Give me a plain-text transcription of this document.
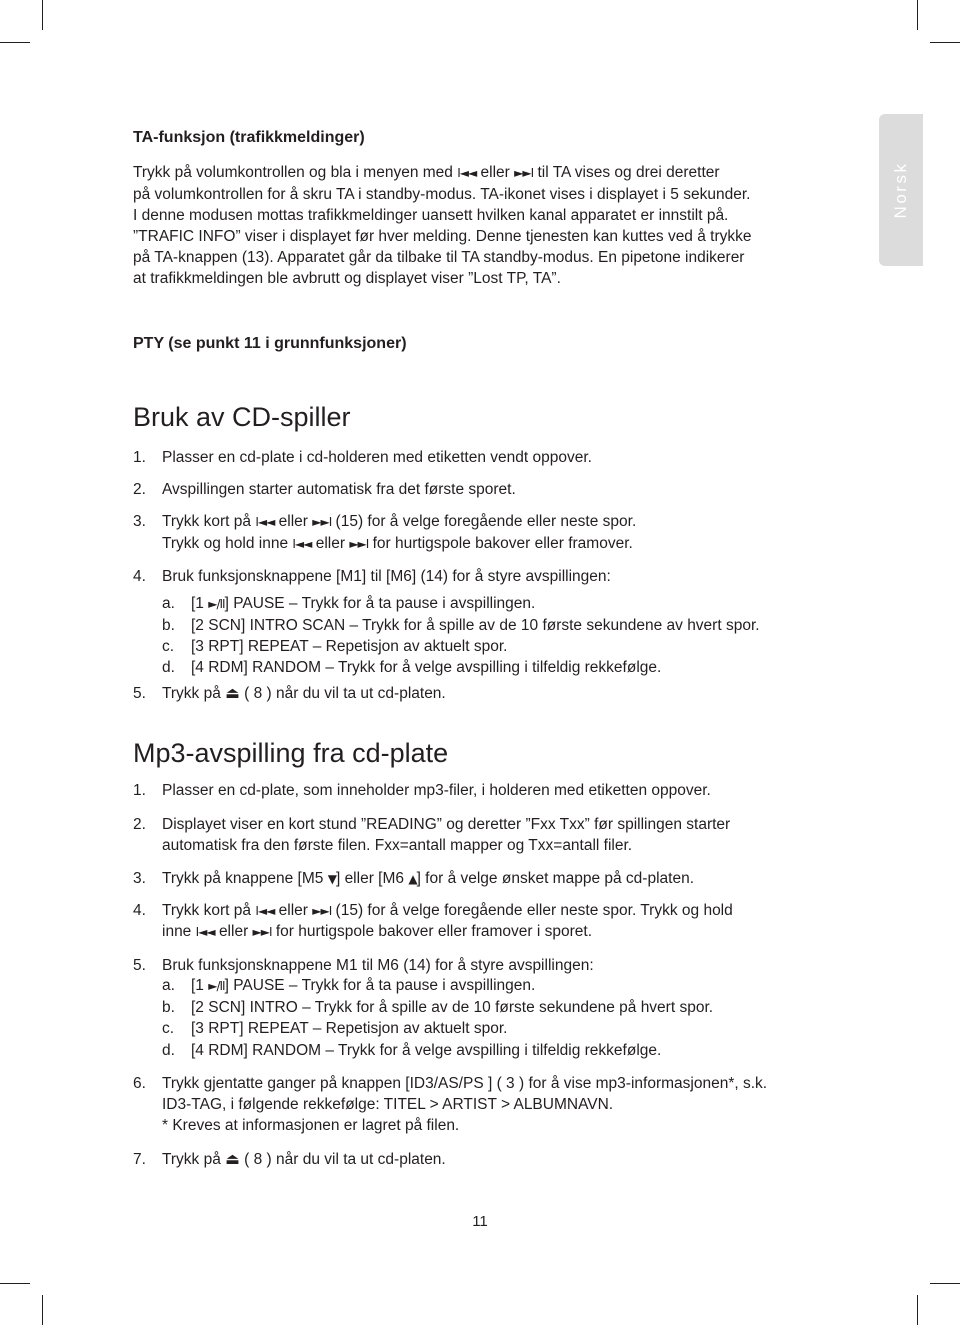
Norsk
TA-funksjon (trafikkmeldinger)
Trykk på volumkontrollen og bla i menyen med I◄◄ eller ►►I til TA vises og drei deretter
på volumkontrollen for å skru TA i standby-modus. TA-ikonet vises i displayet i 5 sekunder.
I denne modusen mottas trafikkmeldinger uansett hvilken kanal apparatet er innstilt på.
”TRAFIC INFO” viser i displayet før hver melding. Denne tjenesten kan kuttes ved å trykke
på TA-knappen (13). Apparatet går da tilbake til TA standby-modus. En pipetone indikerer
at trafikkmeldingen ble avbrutt og displayet viser ”Lost TP, TA”.
PTY (se punkt 11 i grunnfunksjoner)
Bruk av CD-spiller
1. Plasser en cd-plate i cd-holderen med etiketten vendt oppover.
2. Avspillingen starter automatisk fra det første sporet.
3. Trykk kort på I◄◄ eller ►►I (15) for å velge foregående eller neste spor.
Trykk og hold inne I◄◄ eller ►►I for hurtigspole bakover eller framover.
4. Bruk funksjonsknappene [M1] til [M6] (14) for å styre avspillingen:
a. [1 ►/II] PAUSE – Trykk for å ta pause i avspillingen.
b. [2 SCN] INTRO SCAN – Trykk for å spille av de 10 første sekundene av hvert spor.
c. [3 RPT] REPEAT – Repetisjon av aktuelt spor.
d. [4 RDM] RANDOM – Trykk for å velge avspilling i tilfeldig rekkefølge.
5. Trykk på ⏏ ( 8 ) når du vil ta ut cd-platen.
Mp3-avspilling fra cd-plate
1. Plasser en cd-plate, som inneholder mp3-filer, i holderen med etiketten oppover.
2. Displayet viser en kort stund ”READING” og deretter ”Fxx Txx” før spillingen starter
automatisk fra den første filen. Fxx=antall mapper og Txx=antall filer.
3. Trykk på knappene [M5 ▼] eller [M6 ▲] for å velge ønsket mappe på cd-platen.
4. Trykk kort på I◄◄ eller ►►I (15) for å velge foregående eller neste spor. Trykk og hold
inne I◄◄ eller ►►I for hurtigspole bakover eller framover i sporet.
5. Bruk funksjonsknappene M1 til M6 (14) for å styre avspillingen:
a. [1 ►/II] PAUSE – Trykk for å ta pause i avspillingen.
b. [2 SCN] INTRO – Trykk for å spille av de 10 første sekundene på hvert spor.
c. [3 RPT] REPEAT – Repetisjon av aktuelt spor.
d. [4 RDM] RANDOM – Trykk for å velge avspilling i tilfeldig rekkefølge.
6. Trykk gjentatte ganger på knappen [ID3/AS/PS ] ( 3 ) for å vise mp3-informasjonen*, s.k.
ID3-TAG, i følgende rekkefølge: TITEL > ARTIST > ALBUMNAVN.
* Kreves at informasjonen er lagret på filen.
7. Trykk på ⏏ ( 8 ) når du vil ta ut cd-platen.
11
